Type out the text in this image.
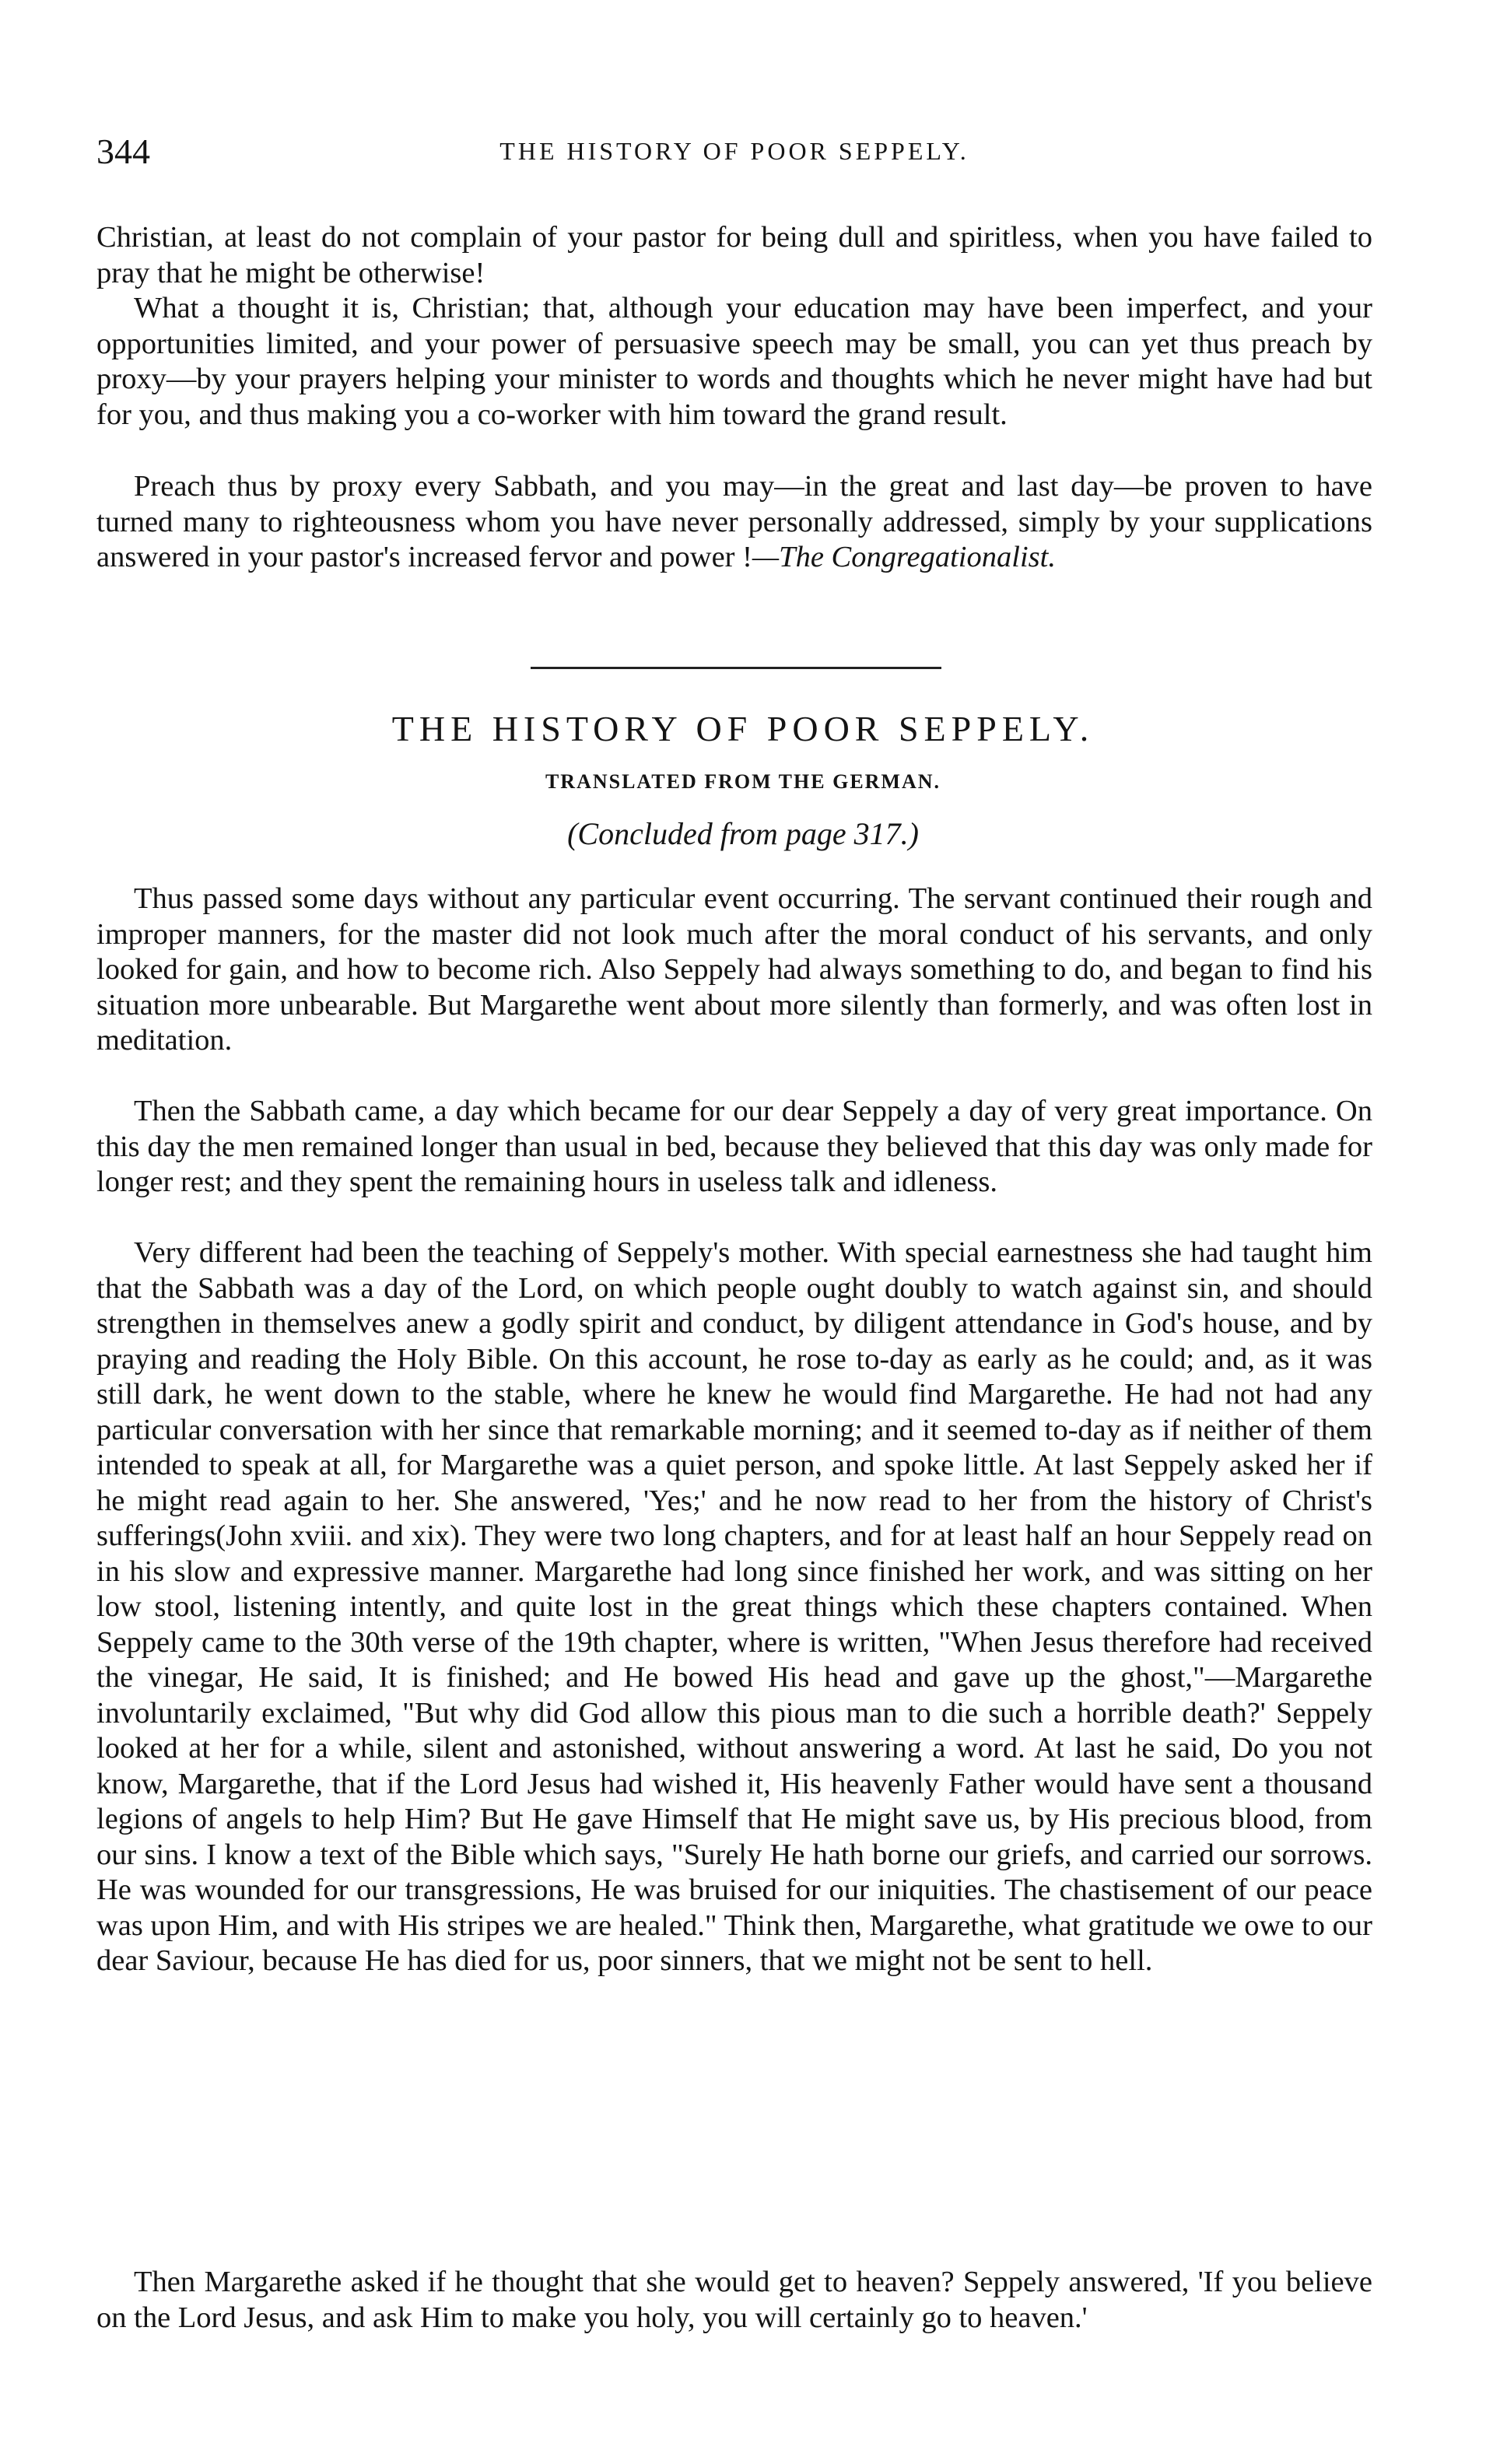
344	THE HISTORY OF POOR SEPPELY.

Christian, at least do not complain of your pastor for being dull and spiritless, when you have failed to pray that he might be otherwise!

What a thought it is, Christian; that, although your education may have been imperfect, and your opportunities limited, and your power of persuasive speech may be small, you can yet thus preach by proxy—by your prayers helping your minister to words and thoughts which he never might have had but for you, and thus making you a co-worker with him toward the grand result.

Preach thus by proxy every Sabbath, and you may—in the great and last day—be proven to have turned many to righteousness whom you have never personally addressed, simply by your supplications answered in your pastor's increased fervor and power !—The Congregationalist.

THE HISTORY OF POOR SEPPELY.
TRANSLATED FROM THE GERMAN.
(Concluded from page 317.)

Thus passed some days without any particular event occurring. The servant continued their rough and improper manners, for the master did not look much after the moral conduct of his servants, and only looked for gain, and how to become rich. Also Seppely had always something to do, and began to find his situation more unbearable. But Margarethe went about more silently than formerly, and was often lost in meditation.

Then the Sabbath came, a day which became for our dear Seppely a day of very great importance. On this day the men remained longer than usual in bed, because they believed that this day was only made for longer rest; and they spent the remaining hours in useless talk and idleness.

Very different had been the teaching of Seppely's mother. With special earnestness she had taught him that the Sabbath was a day of the Lord, on which people ought doubly to watch against sin, and should strengthen in themselves anew a godly spirit and conduct, by diligent attendance in God's house, and by praying and reading the Holy Bible. On this account, he rose to-day as early as he could; and, as it was still dark, he went down to the stable, where he knew he would find Margarethe. He had not had any particular conversation with her since that remarkable morning; and it seemed to-day as if neither of them intended to speak at all, for Margarethe was a quiet person, and spoke little. At last Seppely asked her if he might read again to her. She answered, 'Yes;' and he now read to her from the history of Christ's sufferings(John xviii. and xix). They were two long chapters, and for at least half an hour Seppely read on in his slow and expressive manner. Margarethe had long since finished her work, and was sitting on her low stool, listening intently, and quite lost in the great things which these chapters contained. When Seppely came to the 30th verse of the 19th chapter, where is written, "When Jesus therefore had received the vinegar, He said, It is finished; and He bowed His head and gave up the ghost,"—Margarethe involuntarily exclaimed, "But why did God allow this pious man to die such a horrible death?' Seppely looked at her for a while, silent and astonished, without answering a word. At last he said, Do you not know, Margarethe, that if the Lord Jesus had wished it, His heavenly Father would have sent a thousand legions of angels to help Him? But He gave Himself that He might save us, by His precious blood, from our sins. I know a text of the Bible which says, "Surely He hath borne our griefs, and carried our sorrows. He was wounded for our transgressions, He was bruised for our iniquities. The chastisement of our peace was upon Him, and with His stripes we are healed." Think then, Margarethe, what gratitude we owe to our dear Saviour, because He has died for us, poor sinners, that we might not be sent to hell.

Then Margarethe asked if he thought that she would get to heaven? Seppely answered, 'If you believe on the Lord Jesus, and ask Him to make you holy, you will certainly go to heaven.'
